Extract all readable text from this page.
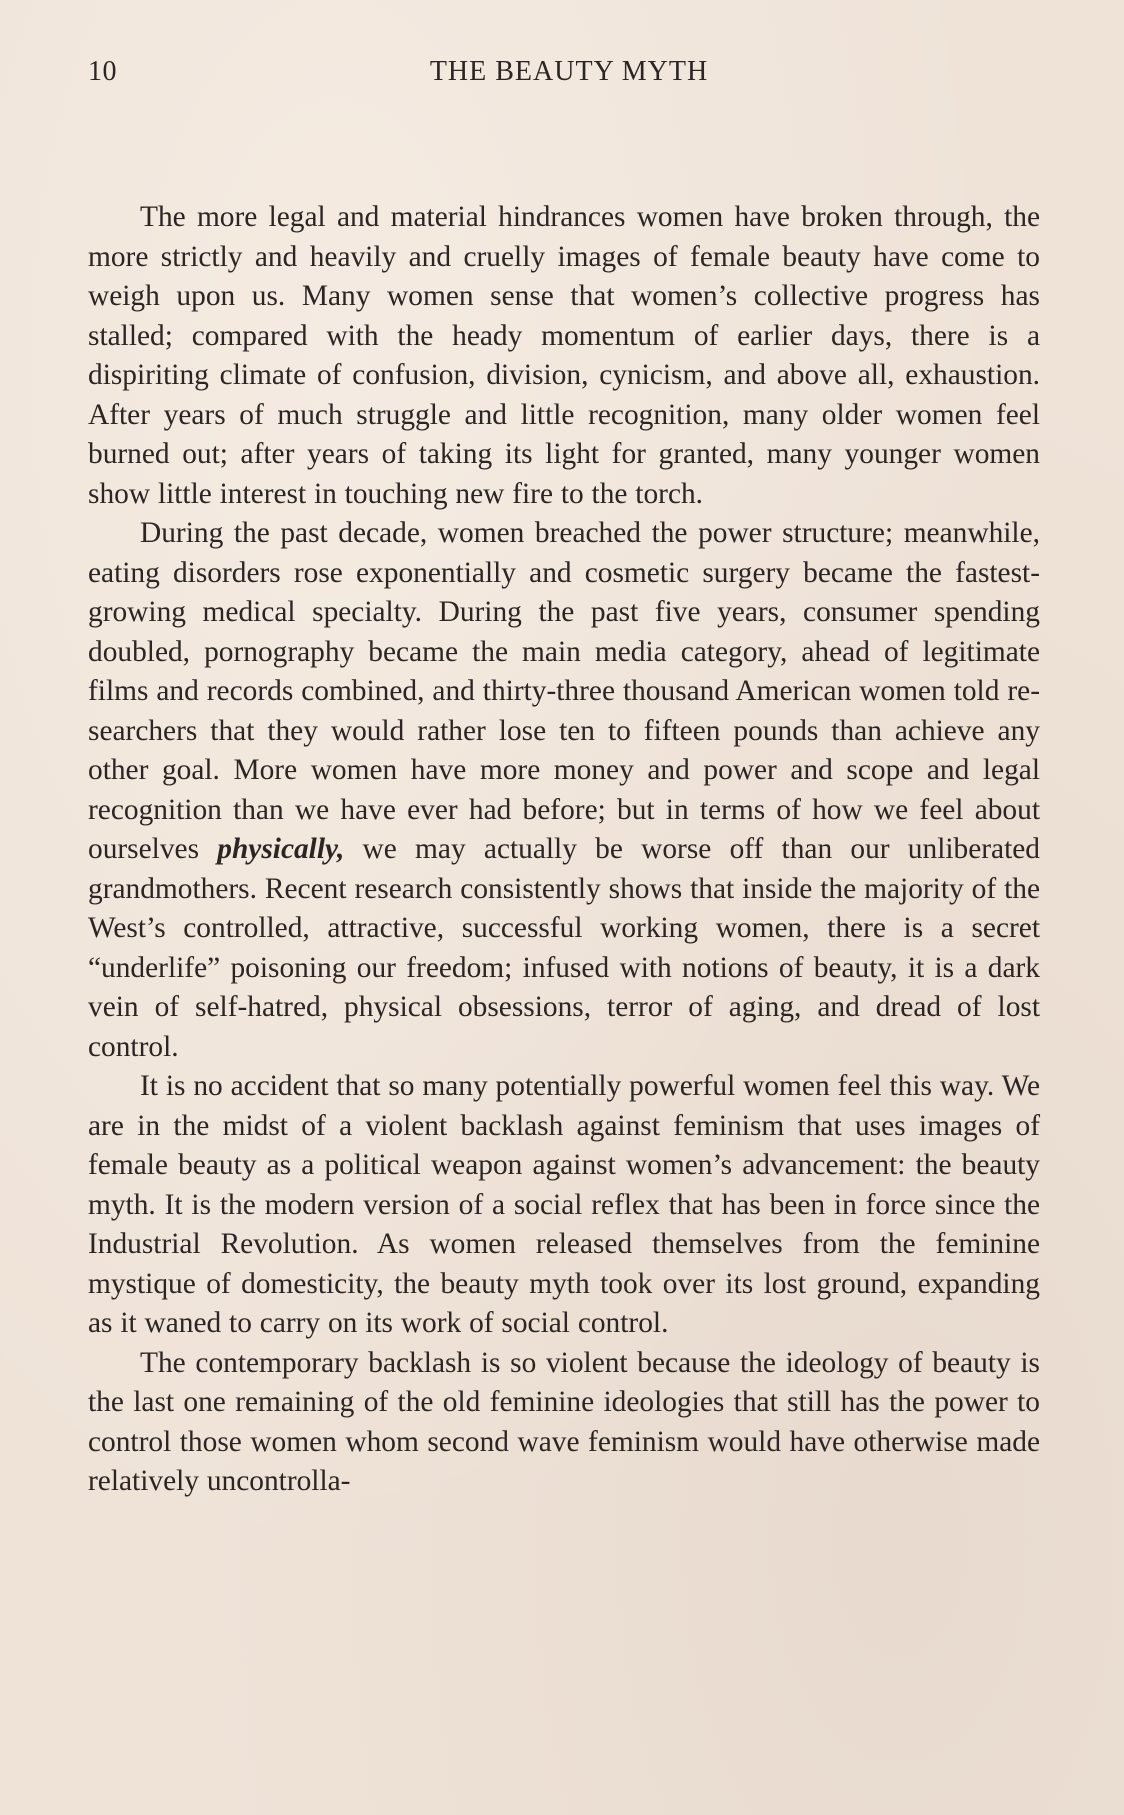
10	THE BEAUTY MYTH

The more legal and material hindrances women have broken through, the more strictly and heavily and cruelly images of female beauty have come to weigh upon us. Many women sense that women’s collective progress has stalled; compared with the heady momentum of earlier days, there is a dispiriting climate of confusion, division, cynicism, and above all, exhaustion. After years of much struggle and little recognition, many older women feel burned out; after years of taking its light for granted, many younger women show little interest in touching new fire to the torch.

During the past decade, women breached the power structure; meanwhile, eating disorders rose exponentially and cosmetic surgery became the fastest-growing medical specialty. During the past five years, consumer spending doubled, pornography became the main media category, ahead of legitimate films and records combined, and thirty-three thousand American women told researchers that they would rather lose ten to fifteen pounds than achieve any other goal. More women have more money and power and scope and legal recognition than we have ever had before; but in terms of how we feel about ourselves physically, we may actually be worse off than our unliberated grandmothers. Recent research consistently shows that inside the majority of the West’s controlled, attractive, successful working women, there is a secret “underlife” poisoning our freedom; infused with notions of beauty, it is a dark vein of self-hatred, physical obsessions, terror of aging, and dread of lost control.

It is no accident that so many potentially powerful women feel this way. We are in the midst of a violent backlash against feminism that uses images of female beauty as a political weapon against women’s advancement: the beauty myth. It is the modern version of a social reflex that has been in force since the Industrial Revolution. As women released themselves from the feminine mystique of domesticity, the beauty myth took over its lost ground, expanding as it waned to carry on its work of social control.

The contemporary backlash is so violent because the ideology of beauty is the last one remaining of the old feminine ideologies that still has the power to control those women whom second wave feminism would have otherwise made relatively uncontrolla-
